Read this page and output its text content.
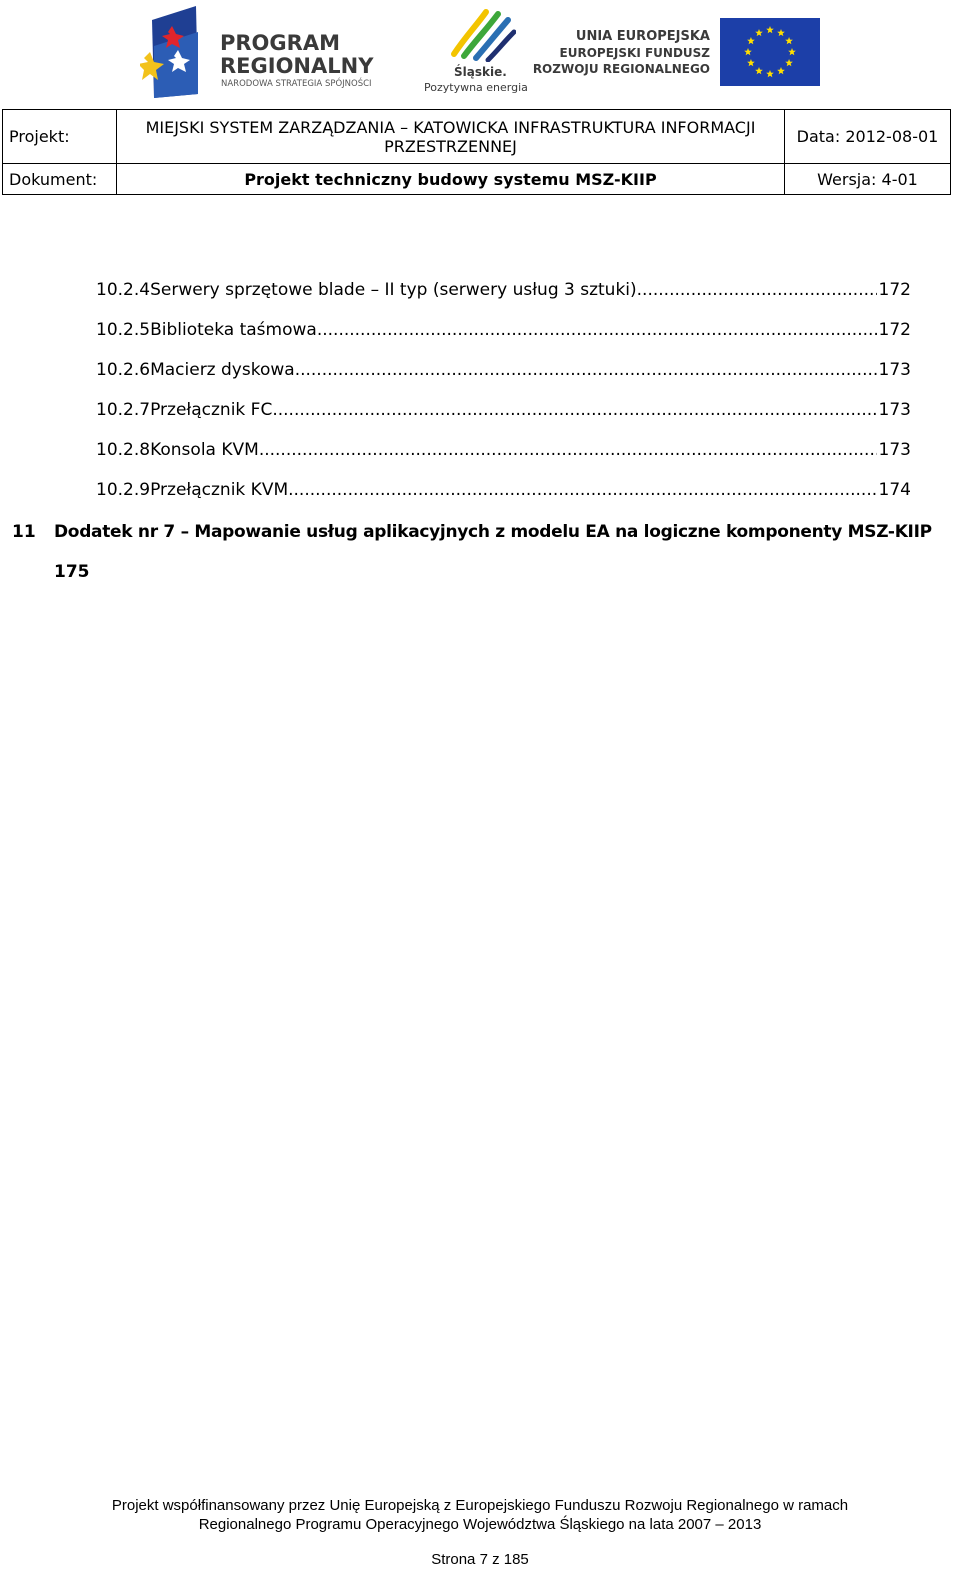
PROGRAM
REGIONALNY
NARODOWA STRATEGIA SPÓJNOŚCI
Śląskie.
Pozytywna energia
UNIA EUROPEJSKA
EUROPEJSKI FUNDUSZ
ROZWOJU REGIONALNEGO
Projekt:	MIEJSKI SYSTEM ZARZĄDZANIA – KATOWICKA INFRASTRUKTURA INFORMACJI
PRZESTRZENNEJ	Data: 2012-08-01
Dokument:	Projekt techniczny budowy systemu MSZ-KIIP	Wersja: 4-01
10.2.4 Serwery sprzętowe blade – II typ (serwery usług 3 sztuki) .....	172
10.2.5 Biblioteka taśmowa .....	172
10.2.6 Macierz dyskowa .....	173
10.2.7 Przełącznik FC .....	173
10.2.8 Konsola KVM .....	173
10.2.9 Przełącznik KVM .....	174
11 Dodatek nr 7 – Mapowanie usług aplikacyjnych z modelu EA na logiczne komponenty MSZ-KIIP
175
Projekt współfinansowany przez Unię Europejską z Europejskiego Funduszu Rozwoju Regionalnego w ramach
Regionalnego Programu Operacyjnego Województwa Śląskiego na lata 2007 – 2013
Strona 7 z 185
